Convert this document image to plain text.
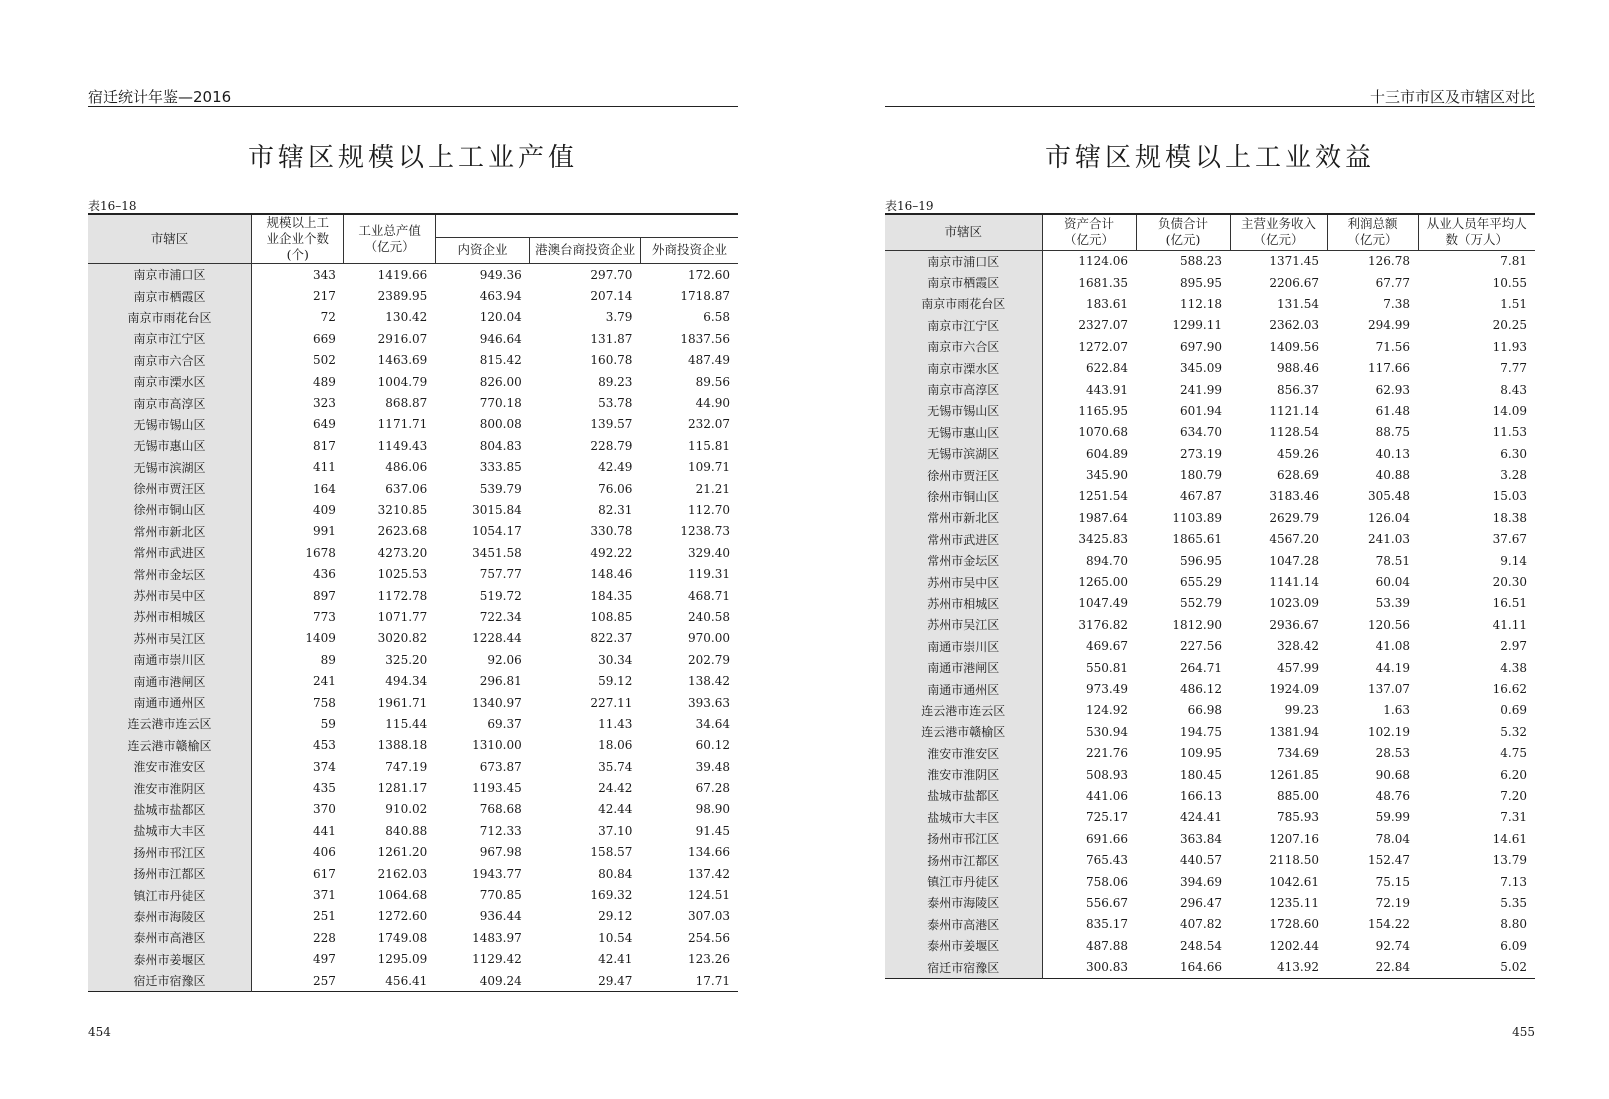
宿迁统计年鉴—2016
市辖区规模以上工业产值
表16–18
市辖区	规模以上工业企业个数(个)	工业总产值（亿元）			
			内资企业	港澳台商投资企业	外商投资企业
南京市浦口区	343	1419.66	949.36	297.70	172.60
南京市栖霞区	217	2389.95	463.94	207.14	1718.87
南京市雨花台区	72	130.42	120.04	3.79	6.58
南京市江宁区	669	2916.07	946.64	131.87	1837.56
南京市六合区	502	1463.69	815.42	160.78	487.49
南京市溧水区	489	1004.79	826.00	89.23	89.56
南京市高淳区	323	868.87	770.18	53.78	44.90
无锡市锡山区	649	1171.71	800.08	139.57	232.07
无锡市惠山区	817	1149.43	804.83	228.79	115.81
无锡市滨湖区	411	486.06	333.85	42.49	109.71
徐州市贾汪区	164	637.06	539.79	76.06	21.21
徐州市铜山区	409	3210.85	3015.84	82.31	112.70
常州市新北区	991	2623.68	1054.17	330.78	1238.73
常州市武进区	1678	4273.20	3451.58	492.22	329.40
常州市金坛区	436	1025.53	757.77	148.46	119.31
苏州市吴中区	897	1172.78	519.72	184.35	468.71
苏州市相城区	773	1071.77	722.34	108.85	240.58
苏州市吴江区	1409	3020.82	1228.44	822.37	970.00
南通市崇川区	89	325.20	92.06	30.34	202.79
南通市港闸区	241	494.34	296.81	59.12	138.42
南通市通州区	758	1961.71	1340.97	227.11	393.63
连云港市连云区	59	115.44	69.37	11.43	34.64
连云港市赣榆区	453	1388.18	1310.00	18.06	60.12
淮安市淮安区	374	747.19	673.87	35.74	39.48
淮安市淮阴区	435	1281.17	1193.45	24.42	67.28
盐城市盐都区	370	910.02	768.68	42.44	98.90
盐城市大丰区	441	840.88	712.33	37.10	91.45
扬州市邗江区	406	1261.20	967.98	158.57	134.66
扬州市江都区	617	2162.03	1943.77	80.84	137.42
镇江市丹徒区	371	1064.68	770.85	169.32	124.51
泰州市海陵区	251	1272.60	936.44	29.12	307.03
泰州市高港区	228	1749.08	1483.97	10.54	254.56
泰州市姜堰区	497	1295.09	1129.42	42.41	123.26
宿迁市宿豫区	257	456.41	409.24	29.47	17.71
454
十三市市区及市辖区对比
市辖区规模以上工业效益
表16–19
市辖区	资产合计（亿元）	负债合计(亿元)	主营业务收入（亿元）	利润总额（亿元）	从业人员年平均人数（万人）
南京市浦口区	1124.06	588.23	1371.45	126.78	7.81
南京市栖霞区	1681.35	895.95	2206.67	67.77	10.55
南京市雨花台区	183.61	112.18	131.54	7.38	1.51
南京市江宁区	2327.07	1299.11	2362.03	294.99	20.25
南京市六合区	1272.07	697.90	1409.56	71.56	11.93
南京市溧水区	622.84	345.09	988.46	117.66	7.77
南京市高淳区	443.91	241.99	856.37	62.93	8.43
无锡市锡山区	1165.95	601.94	1121.14	61.48	14.09
无锡市惠山区	1070.68	634.70	1128.54	88.75	11.53
无锡市滨湖区	604.89	273.19	459.26	40.13	6.30
徐州市贾汪区	345.90	180.79	628.69	40.88	3.28
徐州市铜山区	1251.54	467.87	3183.46	305.48	15.03
常州市新北区	1987.64	1103.89	2629.79	126.04	18.38
常州市武进区	3425.83	1865.61	4567.20	241.03	37.67
常州市金坛区	894.70	596.95	1047.28	78.51	9.14
苏州市吴中区	1265.00	655.29	1141.14	60.04	20.30
苏州市相城区	1047.49	552.79	1023.09	53.39	16.51
苏州市吴江区	3176.82	1812.90	2936.67	120.56	41.11
南通市崇川区	469.67	227.56	328.42	41.08	2.97
南通市港闸区	550.81	264.71	457.99	44.19	4.38
南通市通州区	973.49	486.12	1924.09	137.07	16.62
连云港市连云区	124.92	66.98	99.23	1.63	0.69
连云港市赣榆区	530.94	194.75	1381.94	102.19	5.32
淮安市淮安区	221.76	109.95	734.69	28.53	4.75
淮安市淮阴区	508.93	180.45	1261.85	90.68	6.20
盐城市盐都区	441.06	166.13	885.00	48.76	7.20
盐城市大丰区	725.17	424.41	785.93	59.99	7.31
扬州市邗江区	691.66	363.84	1207.16	78.04	14.61
扬州市江都区	765.43	440.57	2118.50	152.47	13.79
镇江市丹徒区	758.06	394.69	1042.61	75.15	7.13
泰州市海陵区	556.67	296.47	1235.11	72.19	5.35
泰州市高港区	835.17	407.82	1728.60	154.22	8.80
泰州市姜堰区	487.88	248.54	1202.44	92.74	6.09
宿迁市宿豫区	300.83	164.66	413.92	22.84	5.02
455
